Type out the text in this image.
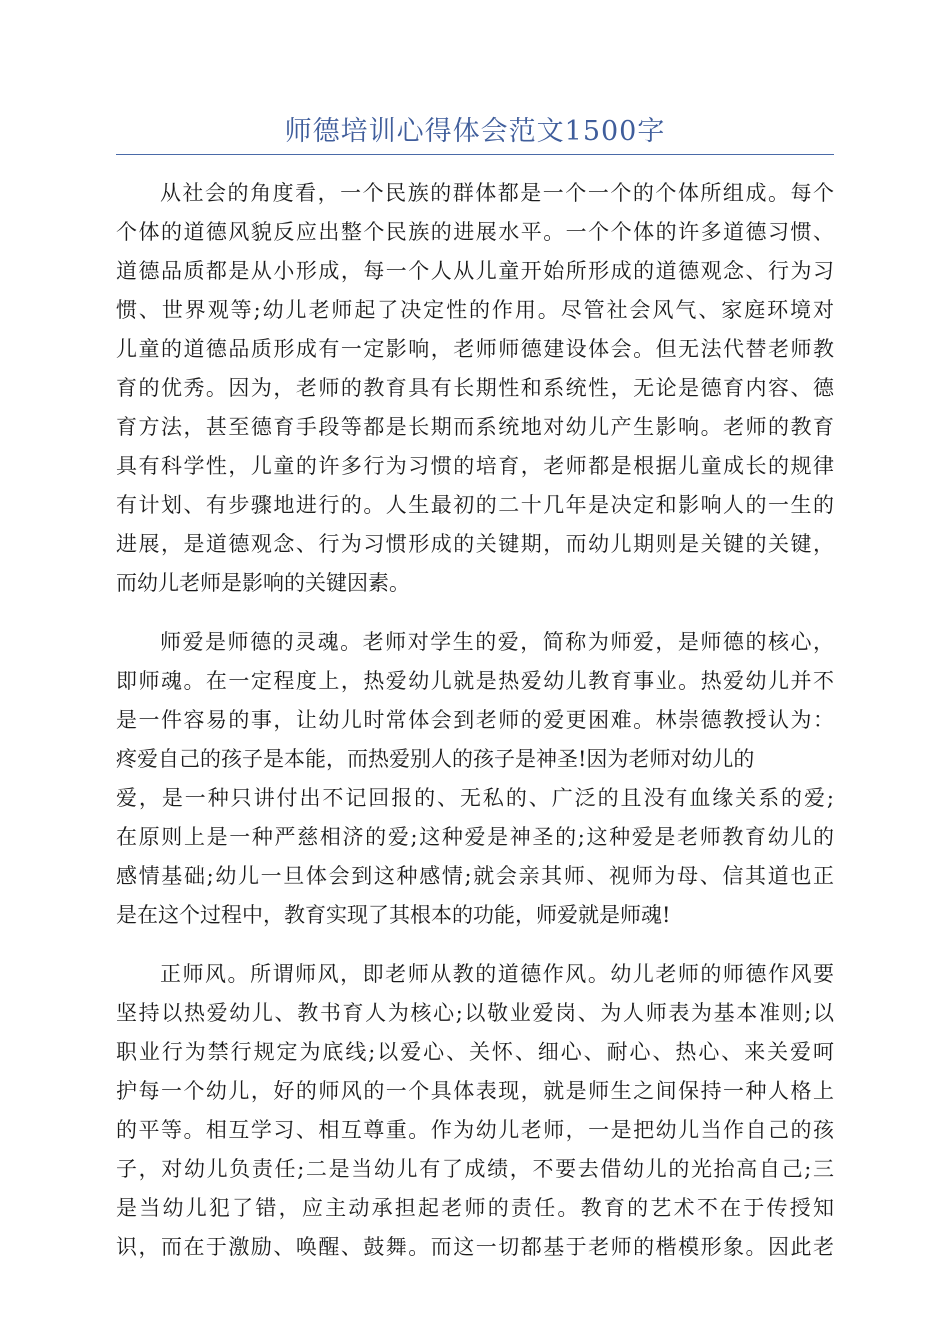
师德培训心得体会范文1500字
从社会的角度看，一个民族的群体都是一个一个的个体所组成。每个
个体的道德风貌反应出整个民族的进展水平。一个个体的许多道德习惯、
道德品质都是从小形成，每一个人从儿童开始所形成的道德观念、行为习
惯、世界观等;幼儿老师起了决定性的作用。尽管社会风气、家庭环境对
儿童的道德品质形成有一定影响，老师师德建设体会。但无法代替老师教
育的优秀。因为，老师的教育具有长期性和系统性，无论是德育内容、德
育方法，甚至德育手段等都是长期而系统地对幼儿产生影响。老师的教育
具有科学性，儿童的许多行为习惯的培育，老师都是根据儿童成长的规律
有计划、有步骤地进行的。人生最初的二十几年是决定和影响人的一生的
进展，是道德观念、行为习惯形成的关键期，而幼儿期则是关键的关键，
而幼儿老师是影响的关键因素。
师爱是师德的灵魂。老师对学生的爱，简称为师爱，是师德的核心，
即师魂。在一定程度上，热爱幼儿就是热爱幼儿教育事业。热爱幼儿并不
是一件容易的事，让幼儿时常体会到老师的爱更困难。林崇德教授认为：
疼爱自己的孩子是本能，而热爱别人的孩子是神圣!因为老师对幼儿的
爱，是一种只讲付出不记回报的、无私的、广泛的且没有血缘关系的爱;
在原则上是一种严慈相济的爱;这种爱是神圣的;这种爱是老师教育幼儿的
感情基础;幼儿一旦体会到这种感情;就会亲其师、视师为母、信其道也正
是在这个过程中，教育实现了其根本的功能，师爱就是师魂!
正师风。所谓师风，即老师从教的道德作风。幼儿老师的师德作风要
坚持以热爱幼儿、教书育人为核心;以敬业爱岗、为人师表为基本准则;以
职业行为禁行规定为底线;以爱心、关怀、细心、耐心、热心、来关爱呵
护每一个幼儿，好的师风的一个具体表现，就是师生之间保持一种人格上
的平等。相互学习、相互尊重。作为幼儿老师，一是把幼儿当作自己的孩
子，对幼儿负责任;二是当幼儿有了成绩，不要去借幼儿的光抬高自己;三
是当幼儿犯了错，应主动承担起老师的责任。教育的艺术不在于传授知
识，而在于激励、唤醒、鼓舞。而这一切都基于老师的楷模形象。因此老
